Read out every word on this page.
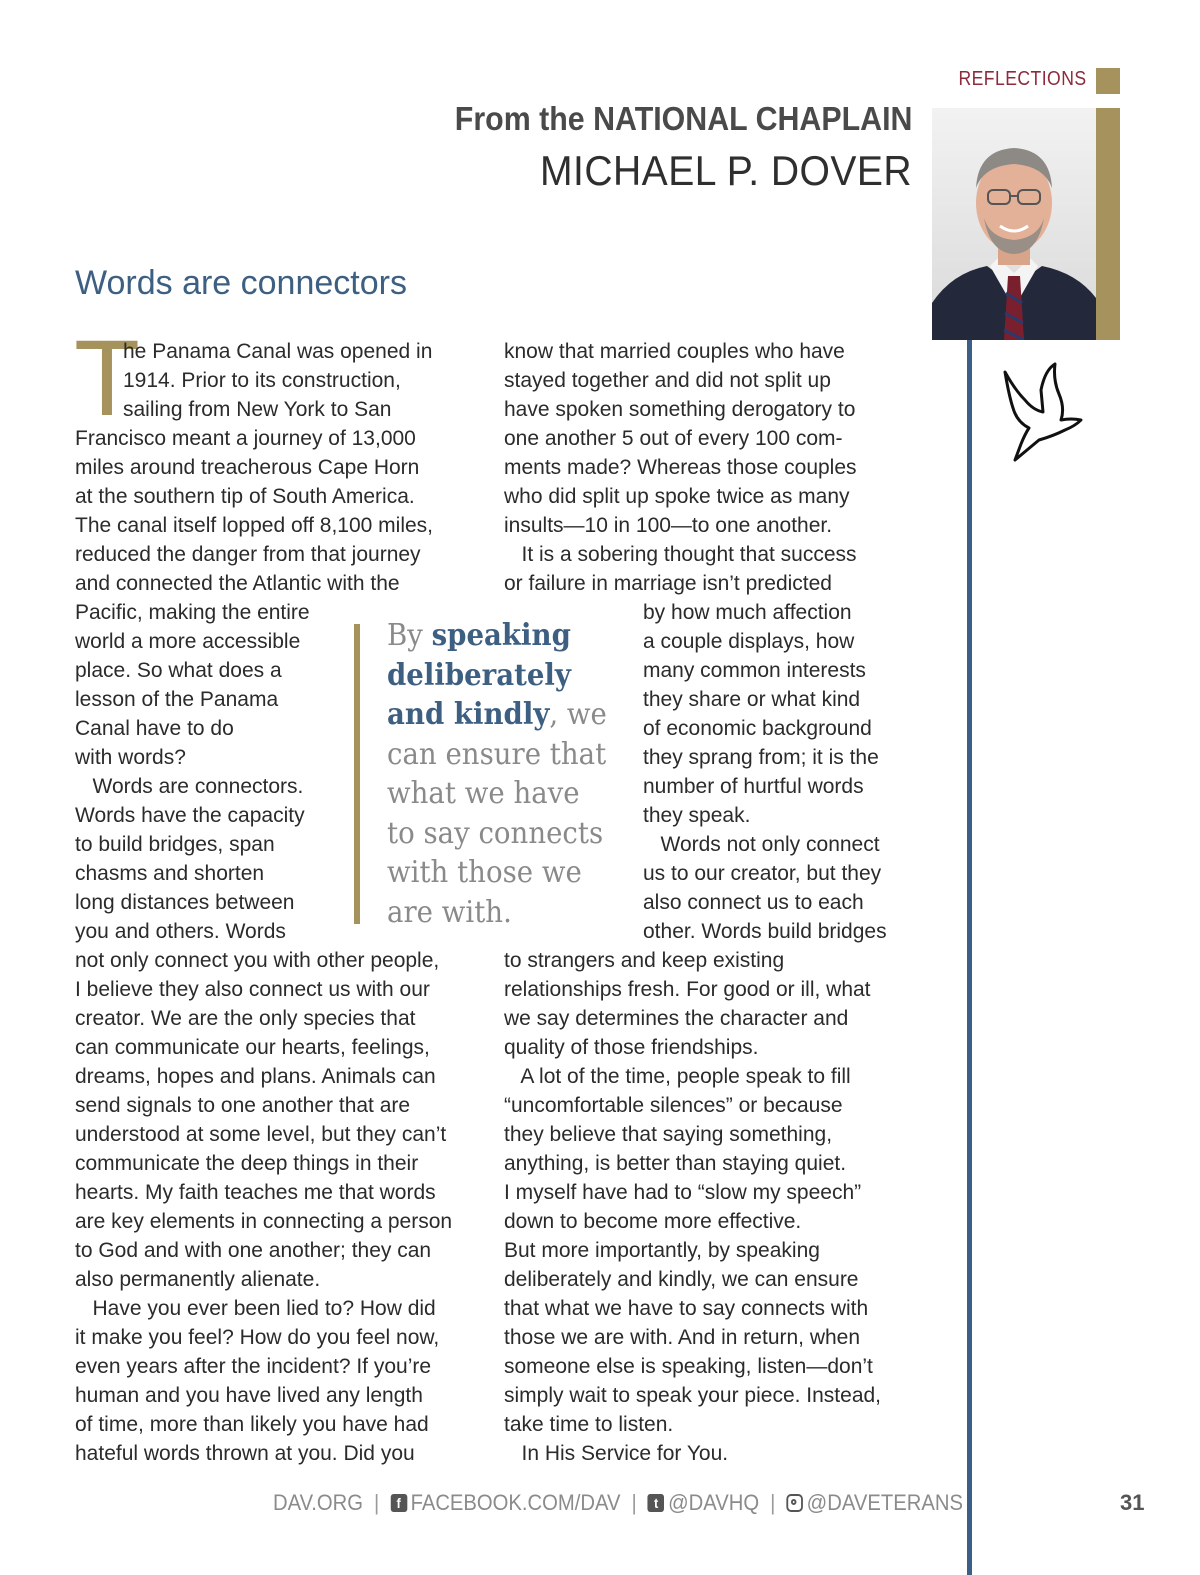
REFLECTIONS
From the NATIONAL CHAPLAIN
MICHAEL P. DOVER
Words are connectors
T
he Panama Canal was opened in
1914. Prior to its construction,
sailing from New York to San
Francisco meant a journey of 13,000
miles around treacherous Cape Horn
at the southern tip of South America.
The canal itself lopped off 8,100 miles,
reduced the danger from that journey
and connected the Atlantic with the
Pacific, making the entire
world a more accessible
place. So what does a
lesson of the Panama
Canal have to do
with words?
Words are connectors.
Words have the capacity
to build bridges, span
chasms and shorten
long distances between
you and others. Words
not only connect you with other people,
I believe they also connect us with our
creator. We are the only species that
can communicate our hearts, feelings,
dreams, hopes and plans. Animals can
send signals to one another that are
understood at some level, but they can’t
communicate the deep things in their
hearts. My faith teaches me that words
are key elements in connecting a person
to God and with one another; they can
also permanently alienate.
Have you ever been lied to? How did
it make you feel? How do you feel now,
even years after the incident? If you’re
human and you have lived any length
of time, more than likely you have had
hateful words thrown at you. Did you
know that married couples who have
stayed together and did not split up
have spoken something derogatory to
one another 5 out of every 100 com-
ments made? Whereas those couples
who did split up spoke twice as many
insults—10 in 100—to one another.
It is a sobering thought that success
or failure in marriage isn’t predicted
by how much affection
a couple displays, how
many common interests
they share or what kind
of economic background
they sprang from; it is the
number of hurtful words
they speak.
Words not only connect
us to our creator, but they
also connect us to each
other. Words build bridges
to strangers and keep existing
relationships fresh. For good or ill, what
we say determines the character and
quality of those friendships.
A lot of the time, people speak to fill
“uncomfortable silences” or because
they believe that saying something,
anything, is better than staying quiet.
I myself have had to “slow my speech”
down to become more effective.
But more importantly, by speaking
deliberately and kindly, we can ensure
that what we have to say connects with
those we are with. And in return, when
someone else is speaking, listen—don’t
simply wait to speak your piece. Instead,
take time to listen.
In His Service for You.
By speaking
deliberately
and kindly, we
can ensure that
what we have
to say connects
with those we
are with.
DAV.ORG |	f FACEBOOK.COM/DAV |	t @DAVHQ | @DAVETERANS	31
